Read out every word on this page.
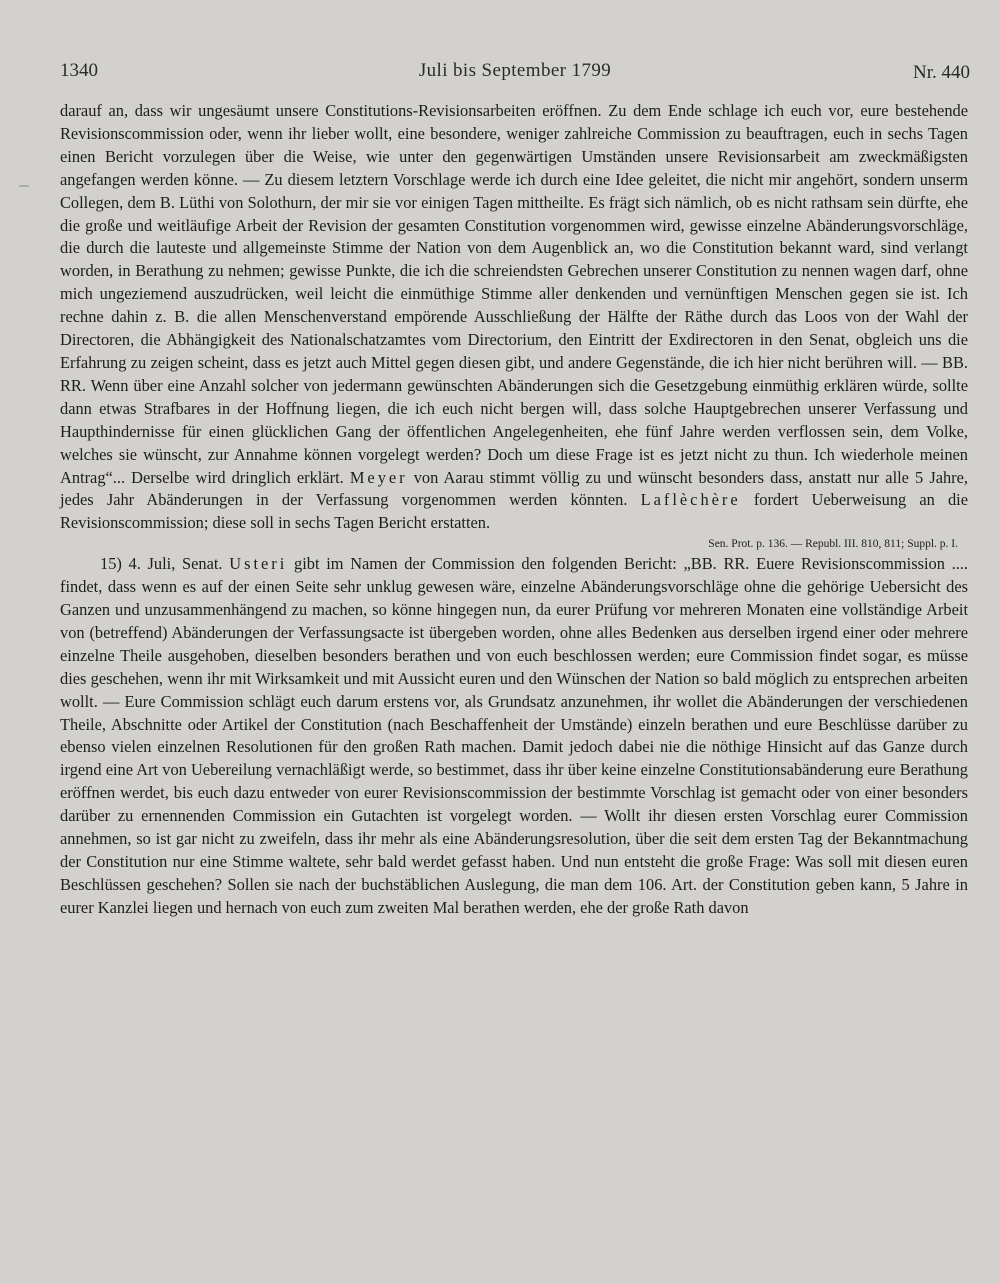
1340	Juli bis September 1799	Nr. 440

darauf an, dass wir ungesäumt unsere Constitutions-Revisionsarbeiten eröffnen. Zu dem Ende schlage ich euch vor, eure bestehende Revisionscommission oder, wenn ihr lieber wollt, eine besondere, weniger zahlreiche Commission zu beauftragen, euch in sechs Tagen einen Bericht vorzulegen über die Weise, wie unter den gegenwärtigen Umständen unsere Revisionsarbeit am zweckmäßigsten angefangen werden könne. — Zu diesem letztern Vorschlage werde ich durch eine Idee geleitet, die nicht mir angehört, sondern unserm Collegen, dem B. Lüthi von Solothurn, der mir sie vor einigen Tagen mittheilte. Es frägt sich nämlich, ob es nicht rathsam sein dürfte, ehe die große und weitläufige Arbeit der Revision der gesamten Constitution vorgenommen wird, gewisse einzelne Abänderungsvorschläge, die durch die lauteste und allgemeinste Stimme der Nation von dem Augenblick an, wo die Constitution bekannt ward, sind verlangt worden, in Berathung zu nehmen; gewisse Punkte, die ich die schreiendsten Gebrechen unserer Constitution zu nennen wagen darf, ohne mich ungeziemend auszudrücken, weil leicht die einmüthige Stimme aller denkenden und vernünftigen Menschen gegen sie ist. Ich rechne dahin z. B. die allen Menschenverstand empörende Ausschließung der Hälfte der Räthe durch das Loos von der Wahl der Directoren, die Abhängigkeit des Nationalschatzamtes vom Directorium, den Eintritt der Exdirectoren in den Senat, obgleich uns die Erfahrung zu zeigen scheint, dass es jetzt auch Mittel gegen diesen gibt, und andere Gegenstände, die ich hier nicht berühren will. — BB. RR. Wenn über eine Anzahl solcher von jedermann gewünschten Abänderungen sich die Gesetzgebung einmüthig erklären würde, sollte dann etwas Strafbares in der Hoffnung liegen, die ich euch nicht bergen will, dass solche Hauptgebrechen unserer Verfassung und Haupthindernisse für einen glücklichen Gang der öffentlichen Angelegenheiten, ehe fünf Jahre werden verflossen sein, dem Volke, welches sie wünscht, zur Annahme können vorgelegt werden? Doch um diese Frage ist es jetzt nicht zu thun. Ich wiederhole meinen Antrag“... Derselbe wird dringlich erklärt. Meyer von Aarau stimmt völlig zu und wünscht besonders dass, anstatt nur alle 5 Jahre, jedes Jahr Abänderungen in der Verfassung vorgenommen werden könnten. Laflèchère fordert Ueberweisung an die Revisionscommission; diese soll in sechs Tagen Bericht erstatten.

Sen. Prot. p. 136. — Republ. III. 810, 811; Suppl. p. I.

15) 4. Juli, Senat. Usteri gibt im Namen der Commission den folgenden Bericht: „BB. RR. Euere Revisionscommission .... findet, dass wenn es auf der einen Seite sehr unklug gewesen wäre, einzelne Abänderungsvorschläge ohne die gehörige Uebersicht des Ganzen und unzusammenhängend zu machen, so könne hingegen nun, da eurer Prüfung vor mehreren Monaten eine vollständige Arbeit von (betreffend) Abänderungen der Verfassungsacte ist übergeben worden, ohne alles Bedenken aus derselben irgend einer oder mehrere einzelne Theile ausgehoben, dieselben besonders berathen und von euch beschlossen werden; eure Commission findet sogar, es müsse dies geschehen, wenn ihr mit Wirksamkeit und mit Aussicht euren und den Wünschen der Nation so bald möglich zu entsprechen arbeiten wollt. — Eure Commission schlägt euch darum erstens vor, als Grundsatz anzunehmen, ihr wollet die Abänderungen der verschiedenen Theile, Abschnitte oder Artikel der Constitution (nach Beschaffenheit der Umstände) einzeln berathen und eure Beschlüsse darüber zu ebenso vielen einzelnen Resolutionen für den großen Rath machen. Damit jedoch dabei nie die nöthige Hinsicht auf das Ganze durch irgend eine Art von Uebereilung vernachläßigt werde, so bestimmet, dass ihr über keine einzelne Constitutionsabänderung eure Berathung eröffnen werdet, bis euch dazu entweder von eurer Revisionscommission der bestimmte Vorschlag ist gemacht oder von einer besonders darüber zu ernennenden Commission ein Gutachten ist vorgelegt worden. — Wollt ihr diesen ersten Vorschlag eurer Commission annehmen, so ist gar nicht zu zweifeln, dass ihr mehr als eine Abänderungsresolution, über die seit dem ersten Tag der Bekanntmachung der Constitution nur eine Stimme waltete, sehr bald werdet gefasst haben. Und nun entsteht die große Frage: Was soll mit diesen euren Beschlüssen geschehen? Sollen sie nach der buchstäblichen Auslegung, die man dem 106. Art. der Constitution geben kann, 5 Jahre in eurer Kanzlei liegen und hernach von euch zum zweiten Mal berathen werden, ehe der große Rath davon
